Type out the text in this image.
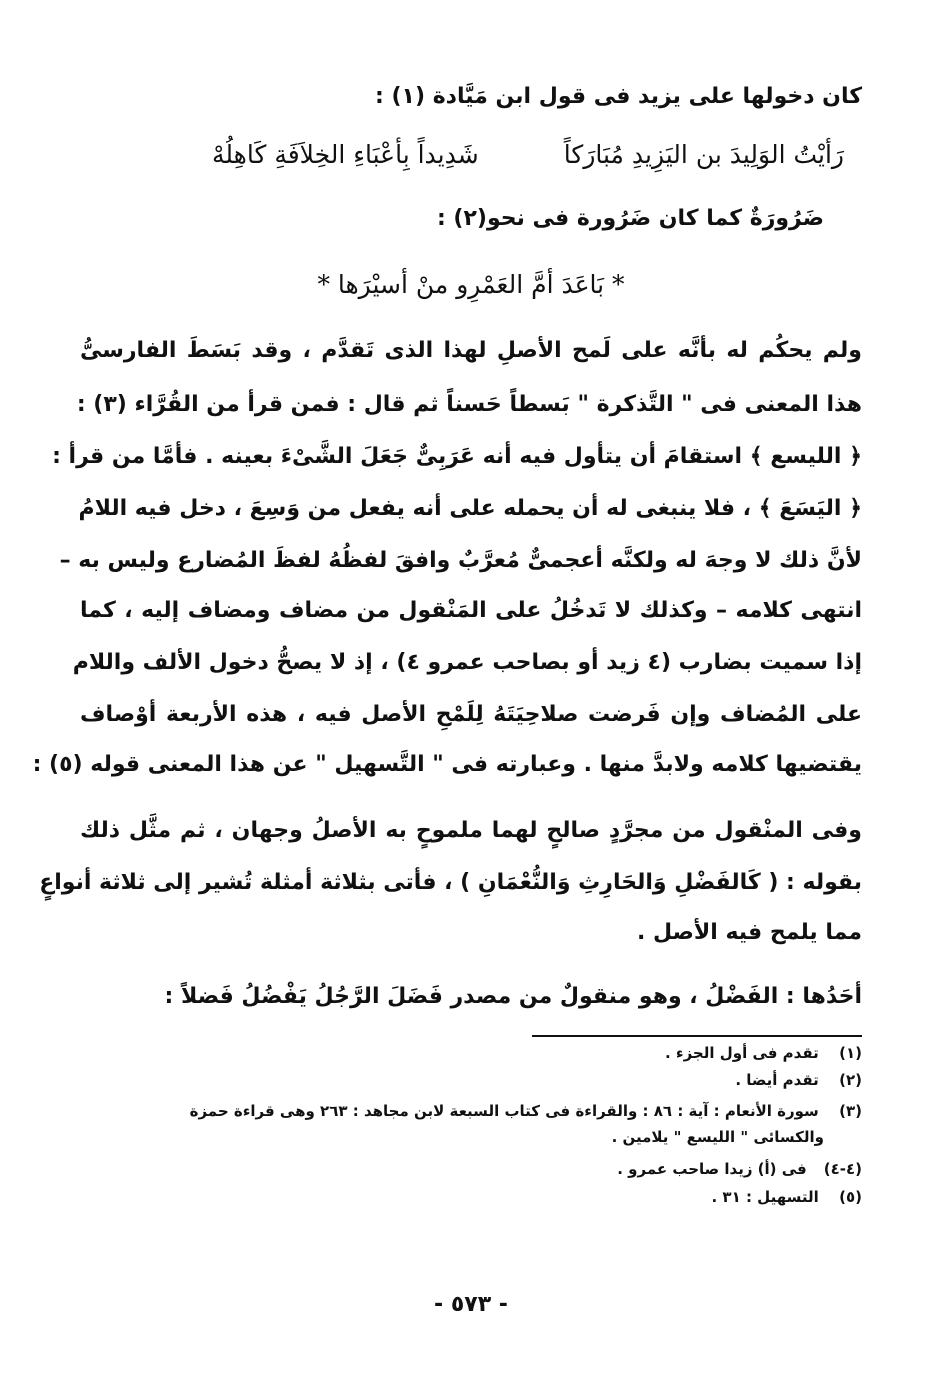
كان دخولها على يزيد فى قول ابن مَيَّادة (١) :
رَأيْتُ الوَلِيدَ بن اليَزِيدِ مُبَارَكاً
شَدِيداً بِأعْبَاءِ الخِلاَفَةِ كَاهِلُهْ
ضَرُورَةٌ كما كان ضَرُورة فى نحو(٢) :
* بَاعَدَ أمَّ العَمْرِو منْ أسيْرَها *
ولم يحكُم له بأنَّه على لَمح الأصلِ لهذا الذى تَقدَّم ، وقد بَسَطَ الفارسىُّ
هذا المعنى فى " التَّذكرة " بَسطاً حَسناً ثم قال : فمن قرأ من القُرَّاء (٣) :
﴿ الليسع ﴾ استقامَ أن يتأول فيه أنه عَرَبِىٌّ جَعَلَ الشَّىْءَ بعينه . فأمَّا من قرأ :
﴿ اليَسَعَ ﴾ ، فلا ينبغى له أن يحمله على أنه يفعل من وَسِعَ ، دخل فيه اللامُ
لأنَّ ذلك لا وجهَ له ولكنَّه أعجمىٌّ مُعرَّبٌ وافقَ لفظُهُ لفظَ المُضارع وليس به –
انتهى كلامه – وكذلك لا تَدخُلُ على المَنْقول من مضاف ومضاف إليه ، كما
إذا سميت بضارب (٤ زيد أو بصاحب عمرو ٤) ، إذ لا يصحُّ دخول الألف واللام
على المُضاف وإن فَرضت صلاحِيَتَهُ لِلَمْحِ الأصل فيه ، هذه الأربعة أوْصاف
يقتضيها كلامه ولابدَّ منها . وعبارته فى " التَّسهيل " عن هذا المعنى قوله (٥) :
وفى المنْقول من مجرَّدٍ صالحٍ لهما ملموحٍ به الأصلُ وجهان ، ثم مثَّل ذلك
بقوله : ( كَالفَضْلِ وَالحَارِثِ وَالنُّعْمَانِ ) ، فأتى بثلاثة أمثلة تُشير إلى ثلاثة أنواعٍ
مما يلمح فيه الأصل .
أحَدُها : الفَضْلُ ، وهو منقولٌ من مصدر فَضَلَ الرَّجُلُ يَفْضُلُ فَضلاً :
(١) تقدم فى أول الجزء .
(٢) تقدم أيضا .
(٣) سورة الأنعام : آية : ٨٦ : والقراءة فى كتاب السبعة لابن مجاهد : ٢٦٣ وهى قراءة حمزة
والكسائى " الليسع " يلامين .
(٤-٤) فى (أ) زيدا صاحب عمرو .
(٥) التسهيل : ٣١ .
- ٥٧٣ -
